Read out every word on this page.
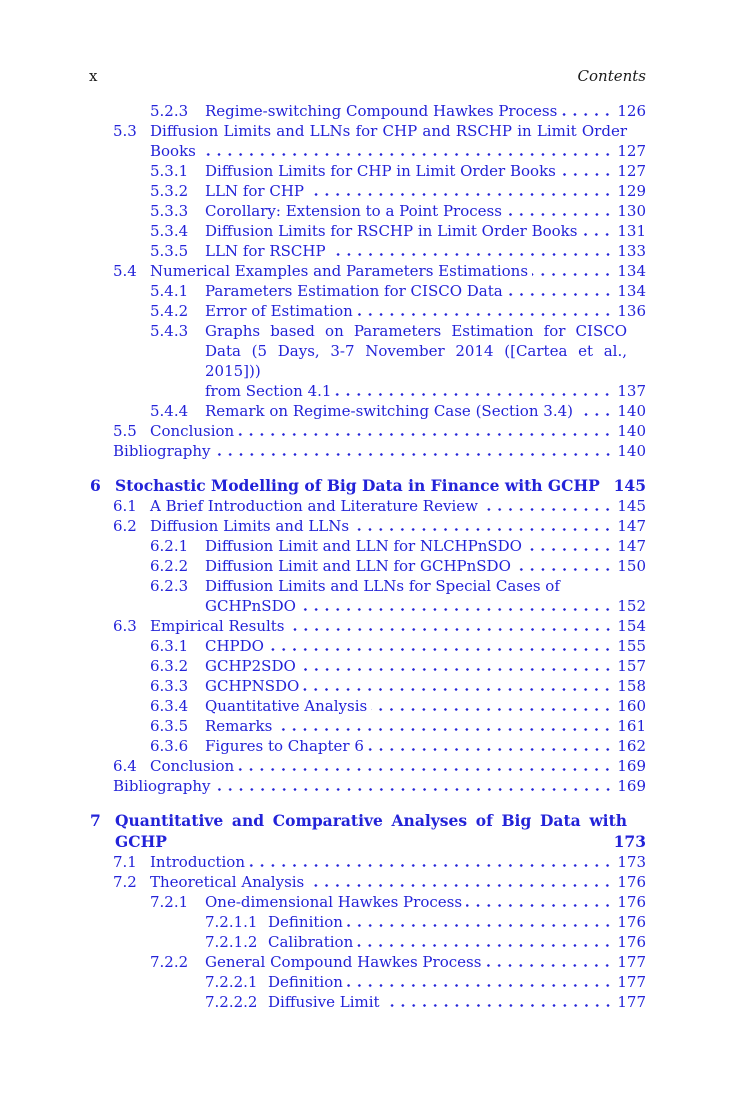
x	Contents
5.2.3 Regime-switching Compound Hawkes Process	126
5.3 Diffusion Limits and LLNs for CHP and RSCHP in Limit Order
Books	127
5.3.1 Diffusion Limits for CHP in Limit Order Books	127
5.3.2 LLN for CHP	129
5.3.3 Corollary: Extension to a Point Process	130
5.3.4 Diffusion Limits for RSCHP in Limit Order Books	131
5.3.5 LLN for RSCHP	133
5.4 Numerical Examples and Parameters Estimations	134
5.4.1 Parameters Estimation for CISCO Data	134
5.4.2 Error of Estimation	136
5.4.3 Graphs based on Parameters Estimation for CISCO
Data (5 Days, 3-7 November 2014 ([Cartea et al., 2015]))
from Section 4.1	137
5.4.4 Remark on Regime-switching Case (Section 3.4)	140
5.5 Conclusion	140
Bibliography	140
6 Stochastic Modelling of Big Data in Finance with GCHP 145
6.1 A Brief Introduction and Literature Review	145
6.2 Diffusion Limits and LLNs	147
6.2.1 Diffusion Limit and LLN for NLCHPnSDO	147
6.2.2 Diffusion Limit and LLN for GCHPnSDO	150
6.2.3 Diffusion Limits and LLNs for Special Cases of
GCHPnSDO	152
6.3 Empirical Results	154
6.3.1 CHPDO	155
6.3.2 GCHP2SDO	157
6.3.3 GCHPNSDO	158
6.3.4 Quantitative Analysis	160
6.3.5 Remarks	161
6.3.6 Figures to Chapter 6	162
6.4 Conclusion	169
Bibliography	169
7 Quantitative and Comparative Analyses of Big Data with
GCHP	173
7.1 Introduction	173
7.2 Theoretical Analysis	176
7.2.1 One-dimensional Hawkes Process	176
7.2.1.1 Definition	176
7.2.1.2 Calibration	176
7.2.2 General Compound Hawkes Process	177
7.2.2.1 Definition	177
7.2.2.2 Diffusive Limit	177
